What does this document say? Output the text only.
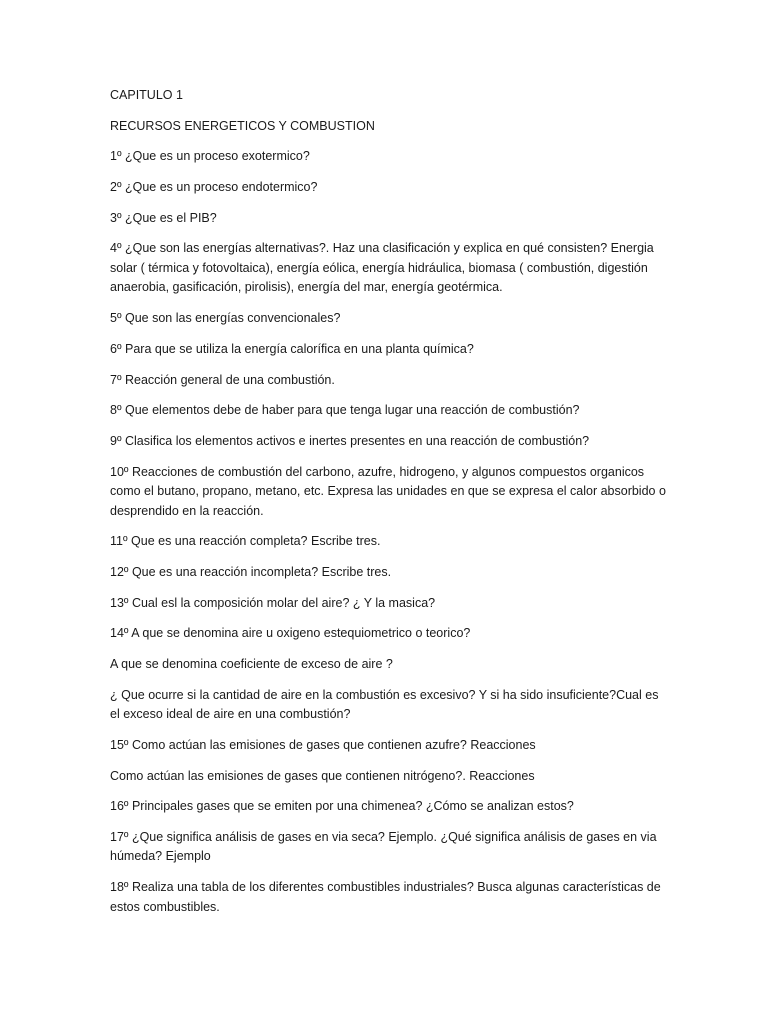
CAPITULO 1

RECURSOS ENERGETICOS Y COMBUSTION

1º ¿Que es un proceso exotermico?

2º ¿Que es un proceso endotermico?

3º ¿Que es el PIB?

4º ¿Que son las energías alternativas?. Haz una clasificación y explica en qué consisten? Energia solar ( térmica y fotovoltaica), energía eólica, energía hidráulica, biomasa ( combustión, digestión anaerobia, gasificación, pirolisis), energía del mar, energía geotérmica.

5º Que son las energías convencionales?

6º Para que se utiliza la energía calorífica en una planta química?

7º Reacción general de una combustión.

8º Que elementos debe de haber para que tenga lugar una reacción de combustión?

9º Clasifica los elementos activos e inertes presentes en una reacción de combustión?

10º Reacciones de combustión del carbono, azufre, hidrogeno, y algunos compuestos organicos como el butano, propano, metano, etc. Expresa las unidades en que se expresa el calor absorbido o desprendido en la reacción.

11º Que es una reacción completa? Escribe tres.

12º Que es una reacción incompleta? Escribe tres.

13º Cual esl la composición molar del aire? ¿ Y la masica?

14º A que se denomina aire u oxigeno estequiometrico o teorico?

A que se denomina coeficiente de exceso de aire ?

¿ Que ocurre si la cantidad de aire en la combustión es excesivo? Y si ha sido insuficiente?Cual es el exceso ideal de aire en una combustión?

15º Como actúan las emisiones de gases que contienen azufre? Reacciones

Como actúan las emisiones de gases que contienen nitrógeno?. Reacciones

16º Principales gases que se emiten por una chimenea? ¿Cómo se analizan estos?

17º ¿Que significa análisis de gases en via seca? Ejemplo. ¿Qué significa análisis de gases en via húmeda? Ejemplo

18º Realiza una tabla de los diferentes combustibles industriales? Busca algunas características de estos combustibles.
